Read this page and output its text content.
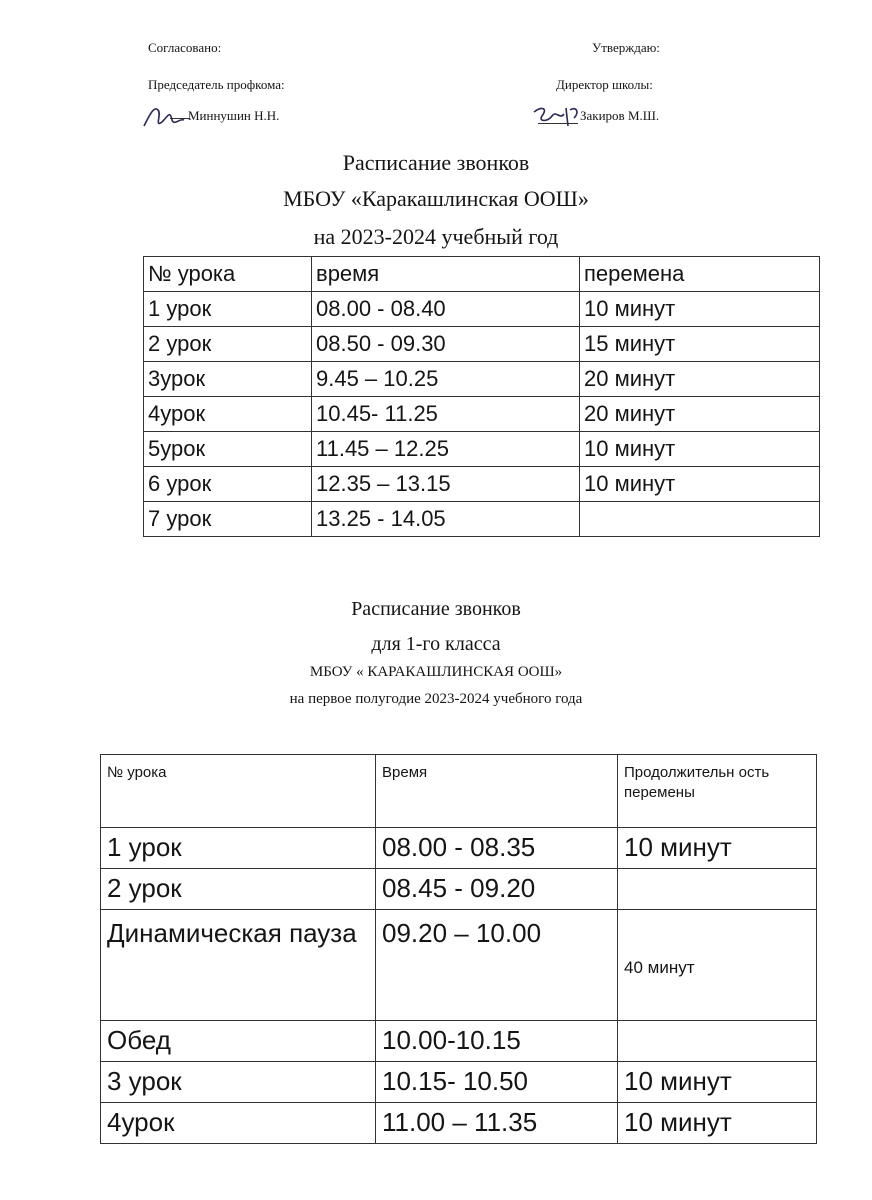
Согласовано:
Председатель профкома:
Миннушин Н.Н.
Утверждаю:
Директор школы:
Закиров М.Ш.
Расписание звонков
МБОУ «Каракашлинская ООШ»
на 2023-2024 учебный год
№ урока	время	перемена
1 урок	08.00 - 08.40	10 минут
2 урок	08.50 - 09.30	15 минут
3урок	9.45 – 10.25	20 минут
4урок	10.45- 11.25	20 минут
5урок	11.45 – 12.25	10 минут
6 урок	12.35 – 13.15	10 минут
7 урок	13.25 - 14.05	
Расписание звонков
для 1-го класса
МБОУ « КАРАКАШЛИНСКАЯ ООШ»
на первое полугодие 2023-2024 учебного года
№ урока	Время	Продолжительн ость перемены
1 урок	08.00 - 08.35	10 минут
2 урок	08.45 - 09.20	
Динамическая пауза	09.20 – 10.00	40 минут
Обед	10.00-10.15	
3 урок	10.15- 10.50	10 минут
4урок	11.00 – 11.35	10 минут
